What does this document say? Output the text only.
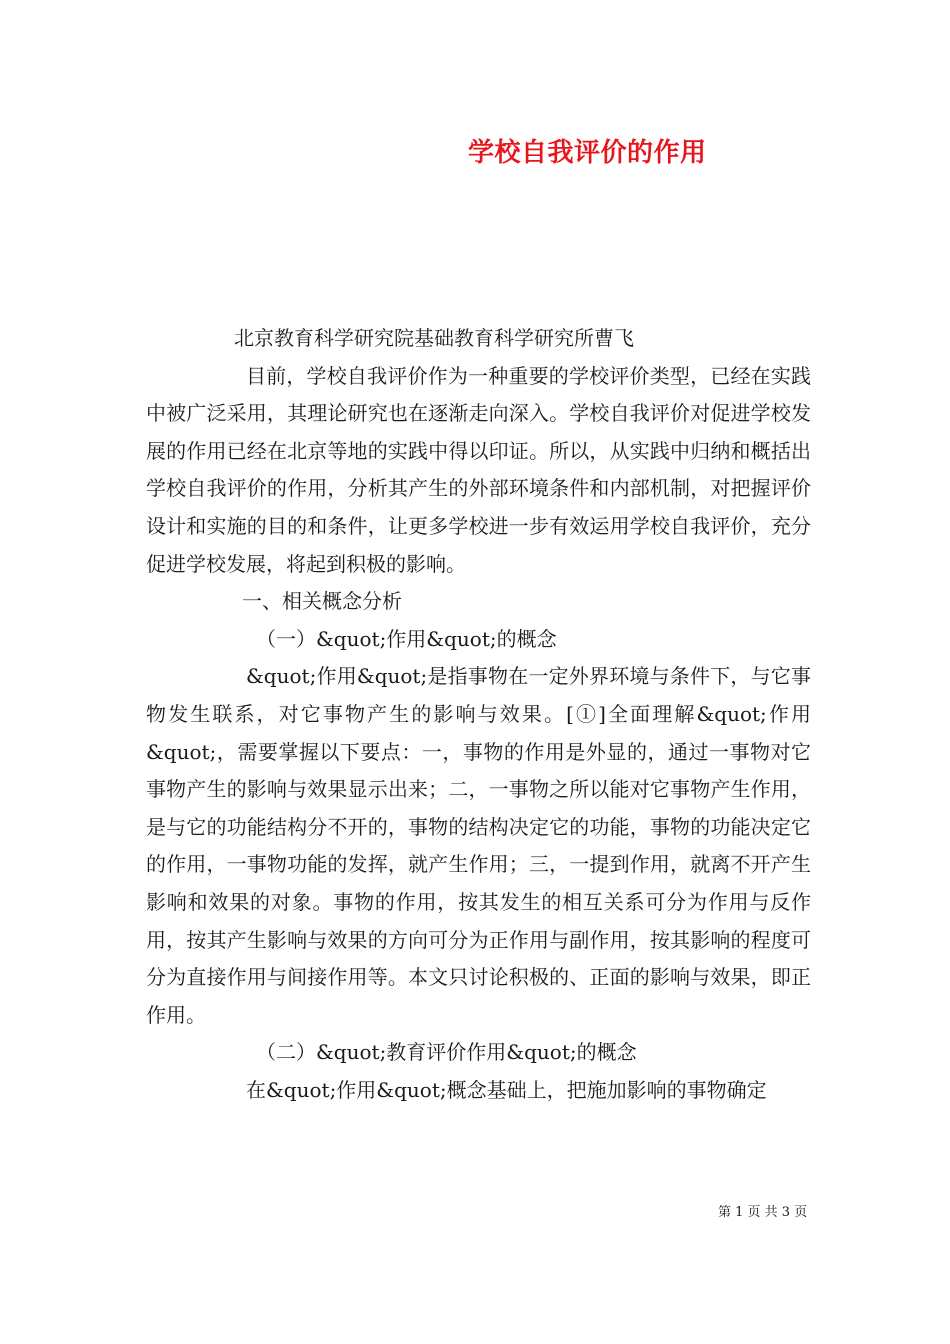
学校自我评价的作用

北京教育科学研究院基础教育科学研究所曹飞

目前，学校自我评价作为一种重要的学校评价类型，已经在实践中被广泛采用，其理论研究也在逐渐走向深入。学校自我评价对促进学校发展的作用已经在北京等地的实践中得以印证。所以，从实践中归纳和概括出学校自我评价的作用，分析其产生的外部环境条件和内部机制，对把握评价设计和实施的目的和条件，让更多学校进一步有效运用学校自我评价，充分促进学校发展，将起到积极的影响。

一、相关概念分析

（一）&quot;作用&quot;的概念

&quot;作用&quot;是指事物在一定外界环境与条件下，与它事物发生联系，对它事物产生的影响与效果。[①]全面理解&quot;作用&quot;，需要掌握以下要点：一，事物的作用是外显的，通过一事物对它事物产生的影响与效果显示出来；二，一事物之所以能对它事物产生作用，是与它的功能结构分不开的，事物的结构决定它的功能，事物的功能决定它的作用，一事物功能的发挥，就产生作用；三，一提到作用，就离不开产生影响和效果的对象。事物的作用，按其发生的相互关系可分为作用与反作用，按其产生影响与效果的方向可分为正作用与副作用，按其影响的程度可分为直接作用与间接作用等。本文只讨论积极的、正面的影响与效果，即正作用。

（二）&quot;教育评价作用&quot;的概念

在&quot;作用&quot;概念基础上，把施加影响的事物确定

第 1 页 共 3 页
